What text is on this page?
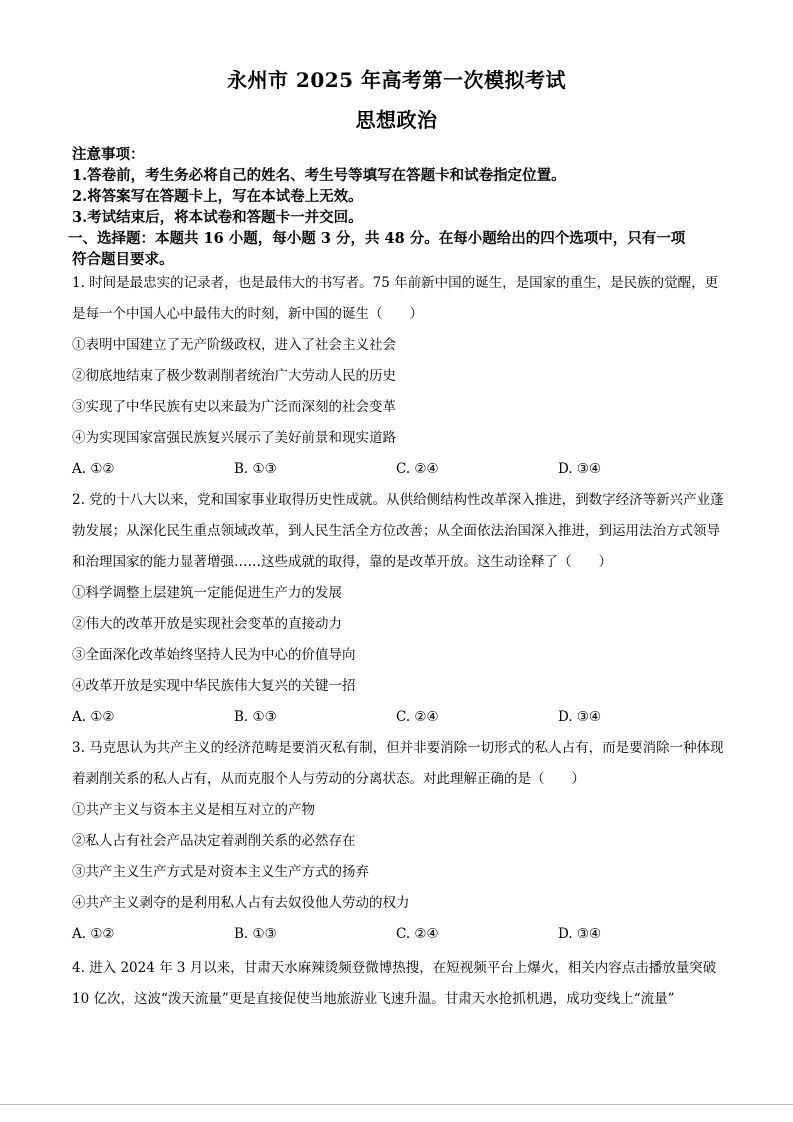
永州市 2025 年高考第一次模拟考试
思想政治
注意事项：
1.答卷前，考生务必将自己的姓名、考生号等填写在答题卡和试卷指定位置。
2.将答案写在答题卡上，写在本试卷上无效。
3.考试结束后，将本试卷和答题卡一并交回。
一、选择题：本题共 16 小题，每小题 3 分，共 48 分。在每小题给出的四个选项中，只有一项
符合题目要求。
1. 时间是最忠实的记录者，也是最伟大的书写者。75 年前新中国的诞生，是国家的重生，是民族的觉醒，更是每一个中国人心中最伟大的时刻，新中国的诞生（　　）
①表明中国建立了无产阶级政权，进入了社会主义社会
②彻底地结束了极少数剥削者统治广大劳动人民的历史
③实现了中华民族有史以来最为广泛而深刻的社会变革
④为实现国家富强民族复兴展示了美好前景和现实道路
A. ①②	B. ①③	C. ②④	D. ③④
2. 党的十八大以来，党和国家事业取得历史性成就。从供给侧结构性改革深入推进，到数字经济等新兴产业蓬勃发展；从深化民生重点领域改革，到人民生活全方位改善；从全面依法治国深入推进，到运用法治方式领导和治理国家的能力显著增强……这些成就的取得，靠的是改革开放。这生动诠释了（　　）
①科学调整上层建筑一定能促进生产力的发展
②伟大的改革开放是实现社会变革的直接动力
③全面深化改革始终坚持人民为中心的价值导向
④改革开放是实现中华民族伟大复兴的关键一招
A. ①②	B. ①③	C. ②④	D. ③④
3. 马克思认为共产主义的经济范畴是要消灭私有制，但并非要消除一切形式的私人占有，而是要消除一种体现着剥削关系的私人占有，从而克服个人与劳动的分离状态。对此理解正确的是（　　）
①共产主义与资本主义是相互对立的产物
②私人占有社会产品决定着剥削关系的必然存在
③共产主义生产方式是对资本主义生产方式的扬弃
④共产主义剥夺的是利用私人占有去奴役他人劳动的权力
A. ①②	B. ①③	C. ②④	D. ③④
4. 进入 2024 年 3 月以来，甘肃天水麻辣烫频登微博热搜，在短视频平台上爆火，相关内容点击播放量突破 10 亿次，这波“泼天流量”更是直接促使当地旅游业飞速升温。甘肃天水抢抓机遇，成功变线上“流量”
